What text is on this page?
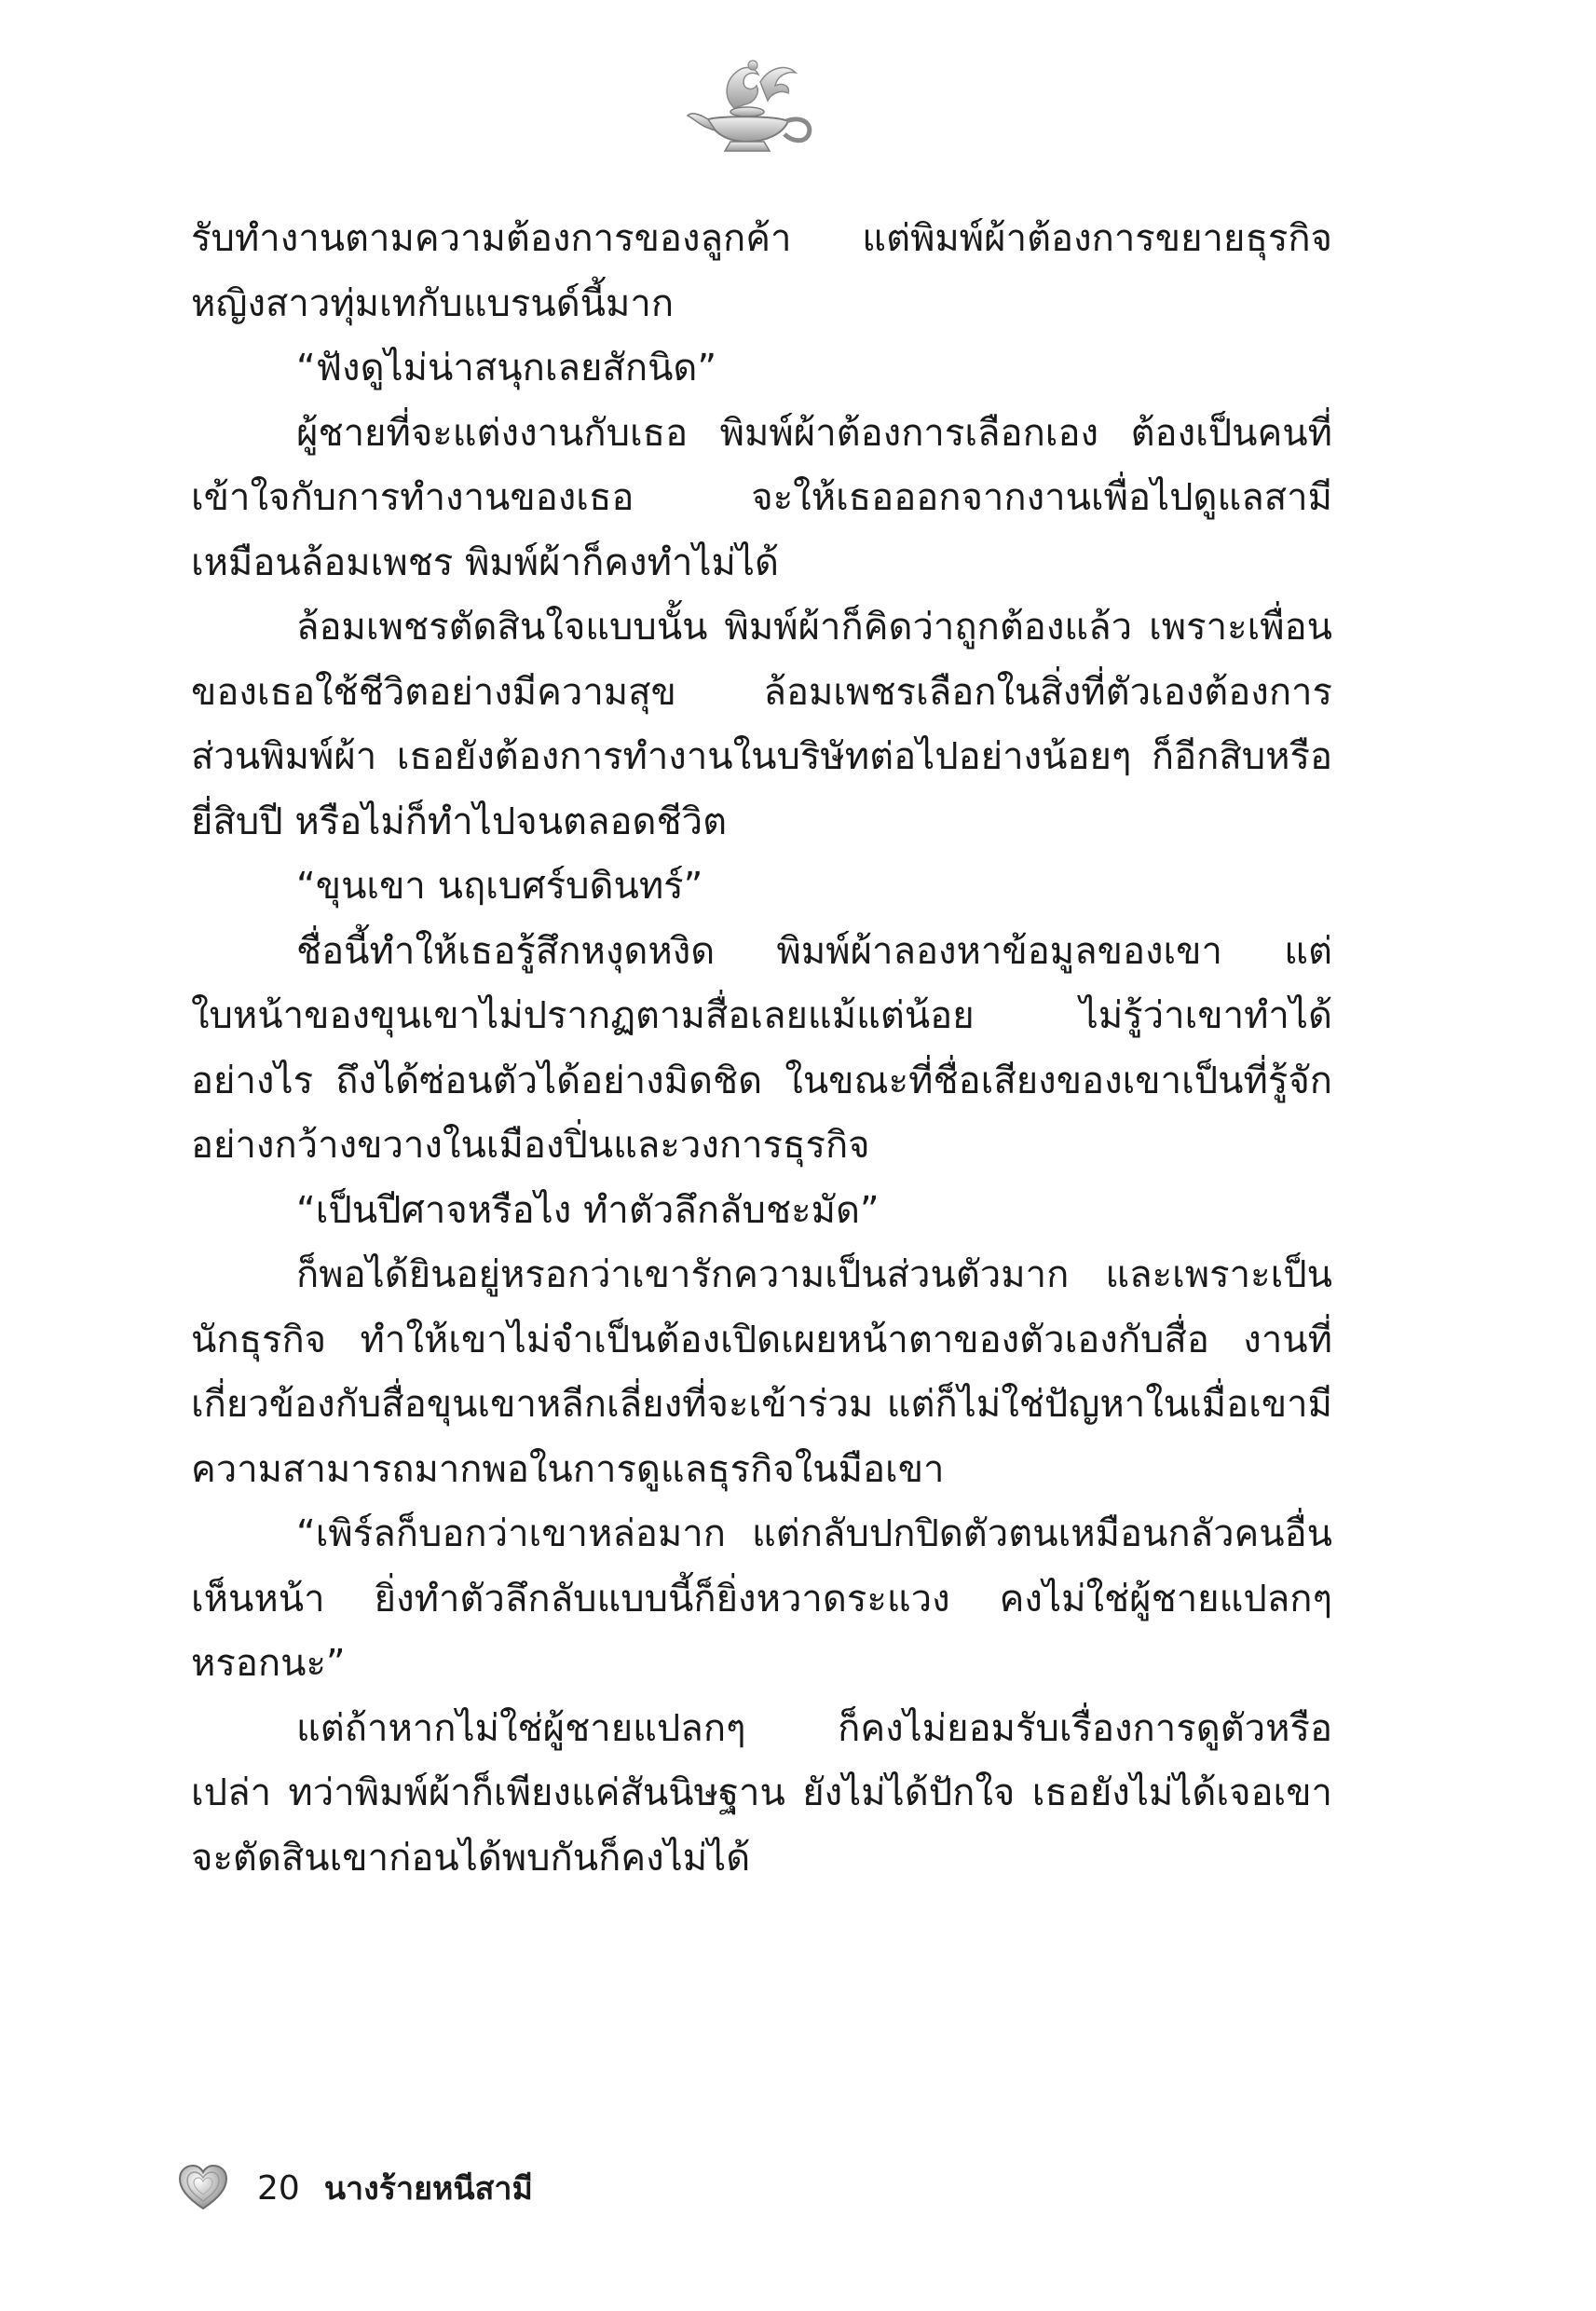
รับทำงานตามความต้องการของลูกค้า แต่พิมพ์ผ้าต้องการขยายธุรกิจ หญิงสาวทุ่มเทกับแบรนด์นี้มาก

“ฟังดูไม่น่าสนุกเลยสักนิด”

ผู้ชายที่จะแต่งงานกับเธอ พิมพ์ผ้าต้องการเลือกเอง ต้องเป็นคนที่เข้าใจกับการทำงานของเธอ จะให้เธอออกจากงานเพื่อไปดูแลสามีเหมือนล้อมเพชร พิมพ์ผ้าก็คงทำไม่ได้

ล้อมเพชรตัดสินใจแบบนั้น พิมพ์ผ้าก็คิดว่าถูกต้องแล้ว เพราะเพื่อนของเธอใช้ชีวิตอย่างมีความสุข ล้อมเพชรเลือกในสิ่งที่ตัวเองต้องการ ส่วนพิมพ์ผ้า เธอยังต้องการทำงานในบริษัทต่อไปอย่างน้อยๆ ก็อีกสิบหรือยี่สิบปี หรือไม่ก็ทำไปจนตลอดชีวิต

“ขุนเขา นฤเบศร์บดินทร์”

ชื่อนี้ทำให้เธอรู้สึกหงุดหงิด พิมพ์ผ้าลองหาข้อมูลของเขา แต่ใบหน้าของขุนเขาไม่ปรากฏตามสื่อเลยแม้แต่น้อย ไม่รู้ว่าเขาทำได้อย่างไร ถึงได้ซ่อนตัวได้อย่างมิดชิด ในขณะที่ชื่อเสียงของเขาเป็นที่รู้จักอย่างกว้างขวางในเมืองปิ่นและวงการธุรกิจ

“เป็นปีศาจหรือไง ทำตัวลึกลับชะมัด”

ก็พอได้ยินอยู่หรอกว่าเขารักความเป็นส่วนตัวมาก และเพราะเป็นนักธุรกิจ ทำให้เขาไม่จำเป็นต้องเปิดเผยหน้าตาของตัวเองกับสื่อ งานที่เกี่ยวข้องกับสื่อขุนเขาหลีกเลี่ยงที่จะเข้าร่วม แต่ก็ไม่ใช่ปัญหาในเมื่อเขามีความสามารถมากพอในการดูแลธุรกิจในมือเขา

“เพิร์ลก็บอกว่าเขาหล่อมาก แต่กลับปกปิดตัวตนเหมือนกลัวคนอื่นเห็นหน้า ยิ่งทำตัวลึกลับแบบนี้ก็ยิ่งหวาดระแวง คงไม่ใช่ผู้ชายแปลกๆ หรอกนะ”

แต่ถ้าหากไม่ใช่ผู้ชายแปลกๆ ก็คงไม่ยอมรับเรื่องการดูตัวหรือเปล่า ทว่าพิมพ์ผ้าก็เพียงแค่สันนิษฐาน ยังไม่ได้ปักใจ เธอยังไม่ได้เจอเขา จะตัดสินเขาก่อนได้พบกันก็คงไม่ได้

20 นางร้ายหนีสามี
